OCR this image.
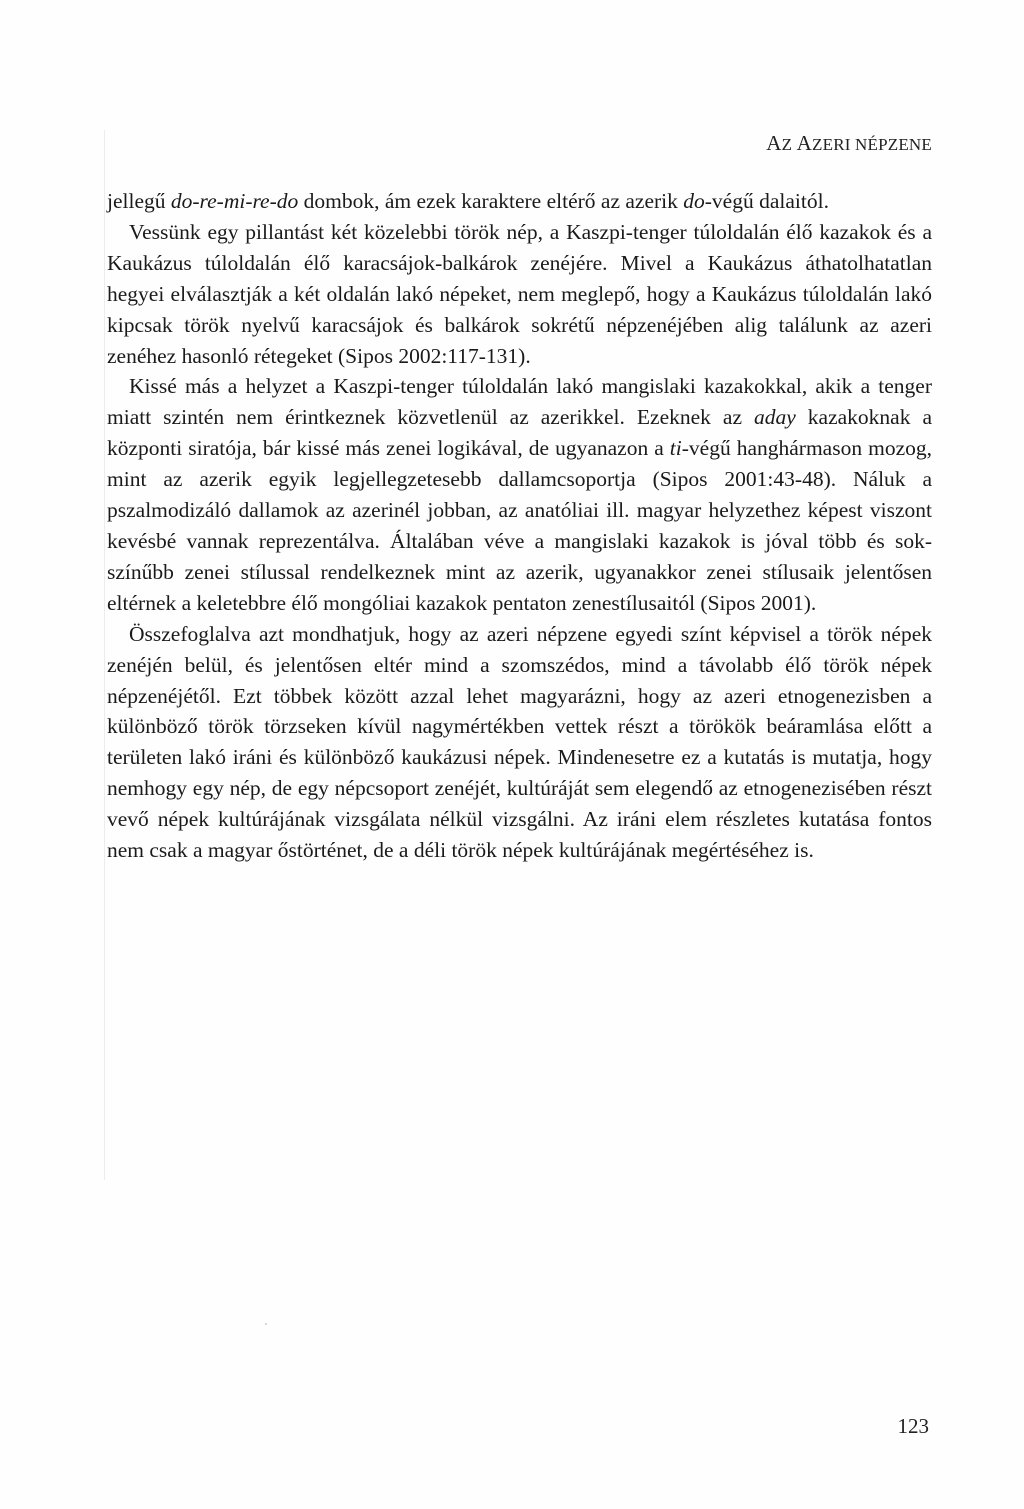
AZ AZERI NÉPZENE

jellegű do-re-mi-re-do dombok, ám ezek karaktere eltérő az azerik do-végű dalaitól.

Vessünk egy pillantást két közelebbi török nép, a Kaszpi-tenger túloldalán élő kazakok és a Kaukázus túloldalán élő karacsájok-balkárok zenéjére. Mivel a Kaukázus áthatolhatatlan hegyei elválasztják a két oldalán lakó népeket, nem meglepő, hogy a Kaukázus túloldalán lakó kipcsak török nyelvű karacsájok és balkárok sokrétű népzenéjében alig találunk az azeri zenéhez hasonló rétegeket (Sipos 2002:117-131).

Kissé más a helyzet a Kaszpi-tenger túloldalán lakó mangislaki kazakokkal, akik a tenger miatt szintén nem érintkeznek közvetlenül az azerikkel. Ezeknek az aday kazakoknak a központi siratója, bár kissé más zenei logikával, de ugyanazon a ti-végű hanghármason mozog, mint az azerik egyik legjellegzetesebb dallamcsoportja (Sipos 2001:43-48). Náluk a pszalmodizáló dallamok az azerinél jobban, az anatóliai ill. magyar helyzethez képest viszont kevésbé vannak reprezentálva. Általában véve a mangislaki kazakok is jóval több és sokszínűbb zenei stílussal rendelkeznek mint az azerik, ugyanakkor zenei stílusaik jelentősen eltérnek a keletebbre élő mongóliai kazakok pentaton zenestílusaitól (Sipos 2001).

Összefoglalva azt mondhatjuk, hogy az azeri népzene egyedi színt képvisel a török népek zenéjén belül, és jelentősen eltér mind a szomszédos, mind a távolabb élő török népek népzenéjétől. Ezt többek között azzal lehet magyarázni, hogy az azeri etnogenezisben a különböző török törzseken kívül nagymértékben vettek részt a törökök beáramlása előtt a területen lakó iráni és különböző kaukázusi népek. Mindenesetre ez a kutatás is mutatja, hogy nemhogy egy nép, de egy népcsoport zenéjét, kultúráját sem elegendő az etnogenezisében részt vevő népek kultúrájának vizsgálata nélkül vizsgálni. Az iráni elem részletes kutatása fontos nem csak a magyar őstörténet, de a déli török népek kultúrájának megértéséhez is.

123
